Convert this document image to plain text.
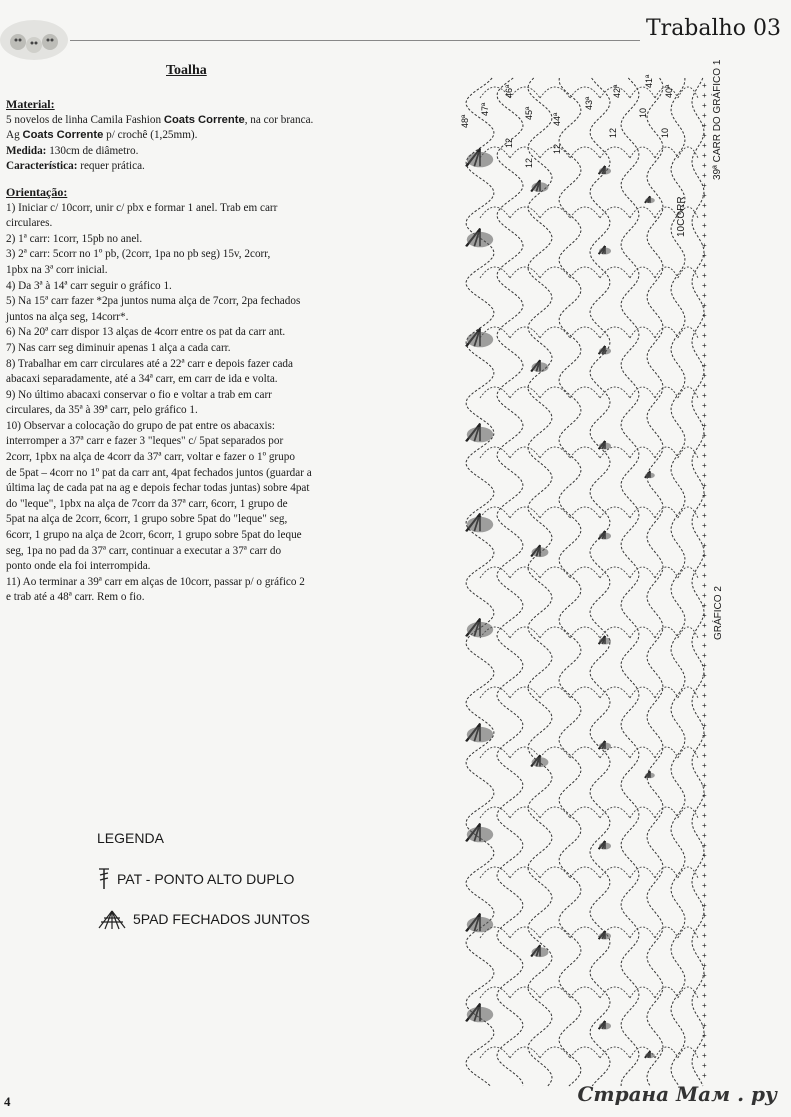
Trabalho 03
Toalha
Material:
5 novelos de linha Camila Fashion Coats Corrente, na cor branca.
Ag Coats Corrente p/ crochê (1,25mm).
Medida: 130cm de diâmetro.
Característica: requer prática.
Orientação:
1) Iniciar c/ 10corr, unir c/ pbx e formar 1 anel. Trab em carr
circulares.
2) 1ª carr: 1corr, 15pb no anel.
3) 2ª carr: 5corr no 1º pb, (2corr, 1pa no pb seg) 15v, 2corr,
1pbx na 3ª corr inicial.
4) Da 3ª à 14ª carr seguir o gráfico 1.
5) Na 15ª carr fazer *2pa juntos numa alça de 7corr, 2pa fechados
juntos na alça seg, 14corr*.
6) Na 20ª carr dispor 13 alças de 4corr entre os pat da carr ant.
7) Nas carr seg diminuir apenas 1 alça a cada carr.
8) Trabalhar em carr circulares até a 22ª carr e depois fazer cada
abacaxi separadamente, até a 34ª carr, em carr de ida e volta.
9) No último abacaxi conservar o fio e voltar a trab em carr
circulares, da 35ª à 39ª carr, pelo gráfico 1.
10) Observar a colocação do grupo de pat entre os abacaxis:
interromper a 37ª carr e fazer 3 "leques" c/ 5pat separados por
2corr, 1pbx na alça de 4corr da 37ª carr, voltar e fazer o 1º grupo
de 5pat – 4corr no 1º pat da carr ant, 4pat fechados juntos (guardar a
última laç de cada pat na ag e depois fechar todas juntas) sobre 4pat
do "leque", 1pbx na alça de 7corr da 37ª carr, 6corr, 1 grupo de
5pat na alça de 2corr, 6corr, 1 grupo sobre 5pat do "leque" seg,
6corr, 1 grupo na alça de 2corr, 6corr, 1 grupo sobre 5pat do leque
seg, 1pa no pad da 37ª carr, continuar a executar a 37ª carr do
ponto onde ela foi interrompida.
11) Ao terminar a 39ª carr em alças de 10corr, passar p/ o gráfico 2
e trab até a 48ª carr. Rem o fio.
LEGENDA
PAT - PONTO ALTO DUPLO
5PAD FECHADOS JUNTOS
+
+
+
+
+
+
+
+
+
+
+
+
+
+
+
+
+
+
+
+
+
+
+
+
+
+
+
+
+
+
+
+
+
+
+
+
+
+
+
+
+
+
+
+
+
+
+
+
+
+
+
+
+
+
+
+
+
+
+
+
+
+
+
+
+
+
+
+
+
+
+
+
+
+
+
+
+
+
+
+
+
+
+
+
+
+
+
+
+
+
+
+
+
+
+
+
+
+
+
+
48ª
47ª
46ª
45ª 44ª
43ª
42ª
41ª
40ª
12
12
12
12
10
10	39ª CARR DO GRÁFICO 1
10CORR
GRÁFICO 2
4	Страна Мам . ру
